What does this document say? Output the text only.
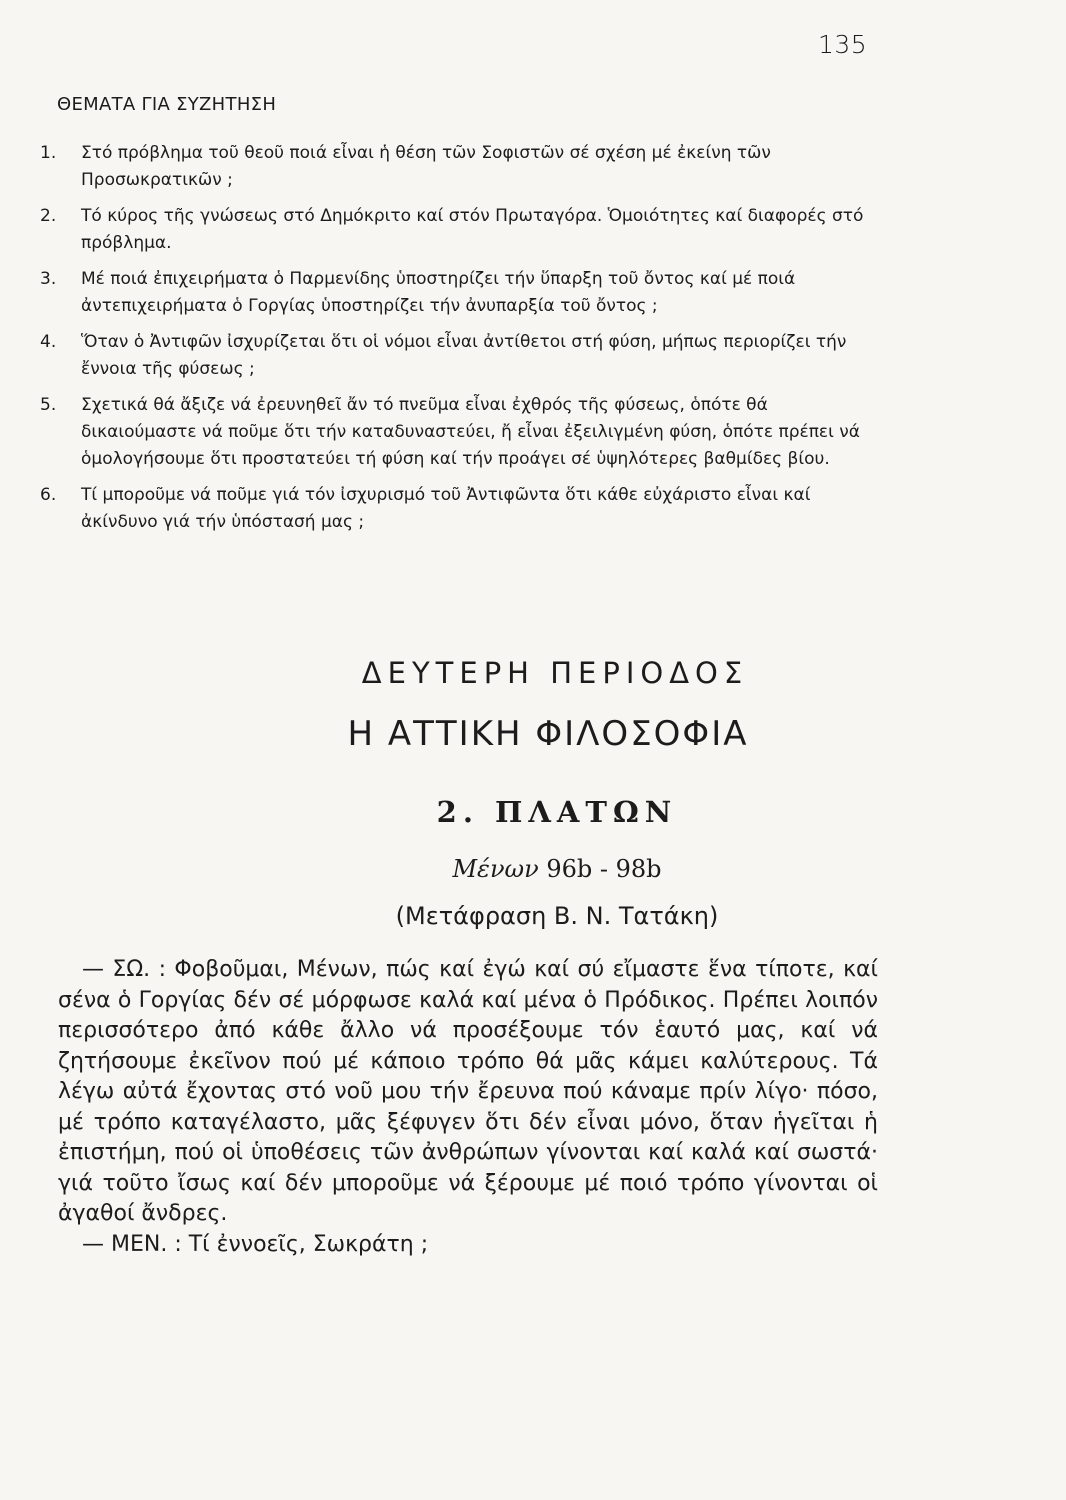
135
ΘΕΜΑΤΑ ΓΙΑ ΣΥΖΗΤΗΣΗ
1.	Στό πρόβλημα τοῦ θεοῦ ποιά εἶναι ἡ θέση τῶν Σοφιστῶν σέ σχέση μέ ἐκείνη τῶν Προσωκρατικῶν ;
2.	Τό κύρος τῆς γνώσεως στό Δημόκριτο καί στόν Πρωταγόρα. Ὁμοιότητες καί διαφορές στό πρόβλημα.
3.	Μέ ποιά ἐπιχειρήματα ὁ Παρμενίδης ὑποστηρίζει τήν ὕπαρξη τοῦ ὄντος καί μέ ποιά ἀντεπιχειρήματα ὁ Γοργίας ὑποστηρίζει τήν ἀνυπαρξία τοῦ ὄντος ;
4.	Ὅταν ὁ Ἀντιφῶν ἰσχυρίζεται ὅτι οἱ νόμοι εἶναι ἀντίθετοι στή φύση, μήπως περιορίζει τήν ἔννοια τῆς φύσεως ;
5.	Σχετικά θά ἄξιζε νά ἐρευνηθεῖ ἄν τό πνεῦμα εἶναι ἐχθρός τῆς φύσεως, ὁπότε θά δικαιούμαστε νά ποῦμε ὅτι τήν καταδυναστεύει, ἤ εἶναι ἐξειλιγμένη φύση, ὁπότε πρέπει νά ὁμολογήσουμε ὅτι προστατεύει τή φύση καί τήν προάγει σέ ὑψηλότερες βαθμίδες βίου.
6.	Τί μποροῦμε νά ποῦμε γιά τόν ἰσχυρισμό τοῦ Ἀντιφῶντα ὅτι κάθε εὐχάριστο εἶναι καί ἀκίνδυνο γιά τήν ὑπόστασή μας ;
ΔΕΥΤΕΡΗ ΠΕΡΙΟΔΟΣ
Η ΑΤΤΙΚΗ ΦΙΛΟΣΟΦΙΑ
2. ΠΛΑΤΩΝ
Μένων 96b - 98b
(Μετάφραση Β. Ν. Τατάκη)
— ΣΩ. : Φοβοῦμαι, Μένων, πώς καί ἐγώ καί σύ εἴμαστε ἕνα τίποτε, καί σένα ὁ Γοργίας δέν σέ μόρφωσε καλά καί μένα ὁ Πρόδικος. Πρέπει λοιπόν περισσότερο ἀπό κάθε ἄλλο νά προσέξουμε τόν ἑαυτό μας, καί νά ζητήσουμε ἐκεῖνον πού μέ κάποιο τρόπο θά μᾶς κάμει καλύτερους. Τά λέγω αὐτά ἔχοντας στό νοῦ μου τήν ἔρευνα πού κάναμε πρίν λίγο· πόσο, μέ τρόπο καταγέλαστο, μᾶς ξέφυγεν ὅτι δέν εἶναι μόνο, ὅταν ἡγεῖται ἡ ἐπιστήμη, πού οἱ ὑποθέσεις τῶν ἀνθρώπων γίνονται καί καλά καί σωστά· γιά τοῦτο ἴσως καί δέν μποροῦμε νά ξέρουμε μέ ποιό τρόπο γίνονται οἱ ἀγαθοί ἄνδρες.
— ΜΕΝ. : Τί ἐννοεῖς, Σωκράτη ;
